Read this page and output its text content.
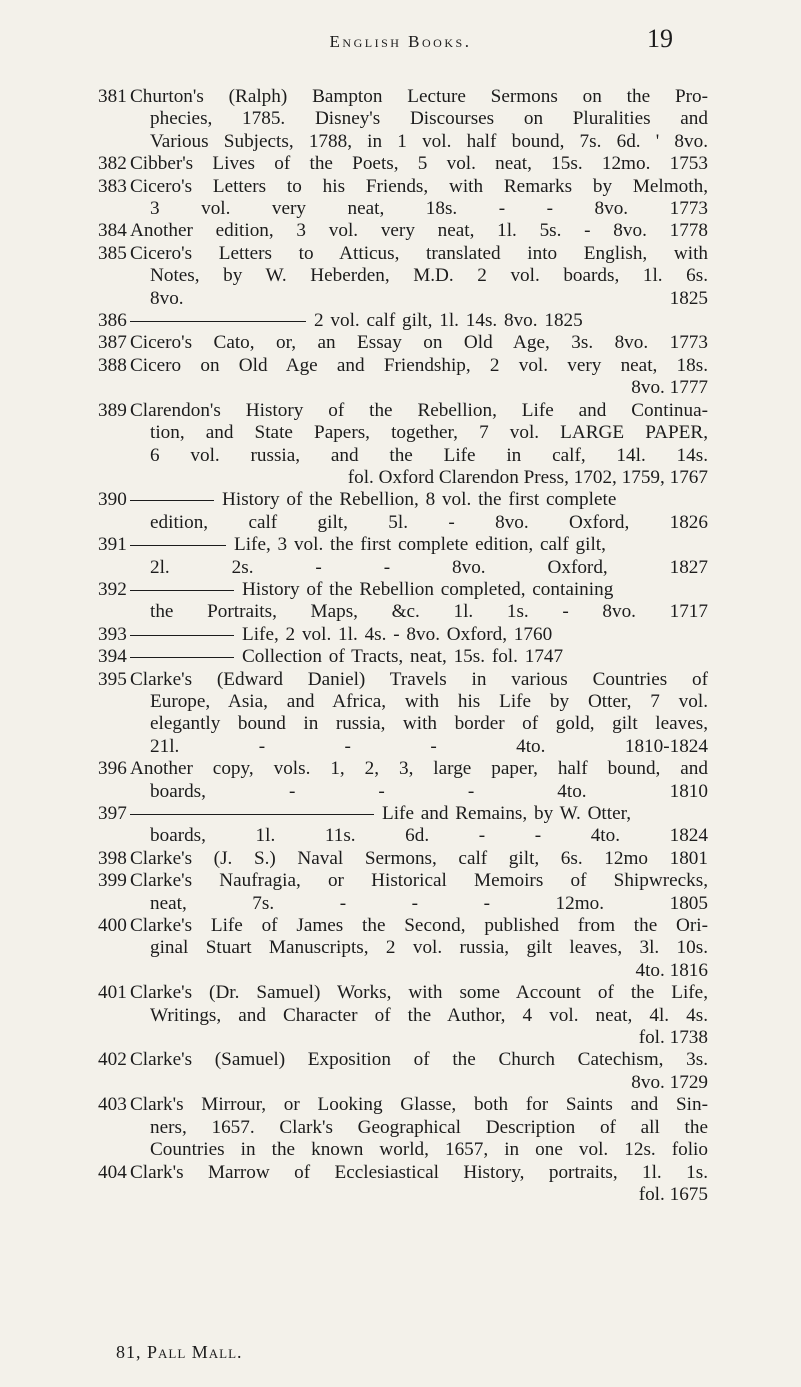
English Books.	19
381 Churton's (Ralph) Bampton Lecture Sermons on the Pro-
phecies, 1785. Disney's Discourses on Pluralities and
Various Subjects, 1788, in 1 vol. half bound, 7s. 6d. ' 8vo.
382 Cibber's Lives of the Poets, 5 vol. neat, 15s. 12mo. 1753
383 Cicero's Letters to his Friends, with Remarks by Melmoth,
3 vol. very neat, 18s. - - 8vo. 1773
384 Another edition, 3 vol. very neat, 1l. 5s. - 8vo. 1778
385 Cicero's Letters to Atticus, translated into English, with
Notes, by W. Heberden, M.D. 2 vol. boards, 1l. 6s.
8vo. 1825
386	2 vol. calf gilt, 1l. 14s. 8vo. 1825
387 Cicero's Cato, or, an Essay on Old Age, 3s. 8vo. 1773
388 Cicero on Old Age and Friendship, 2 vol. very neat, 18s.
8vo. 1777
389 Clarendon's History of the Rebellion, Life and Continua-
tion, and State Papers, together, 7 vol. LARGE PAPER,
6 vol. russia, and the Life in calf, 14l. 14s.
fol. Oxford Clarendon Press, 1702, 1759, 1767
390	History of the Rebellion, 8 vol. the first complete
edition, calf gilt, 5l. - 8vo. Oxford, 1826
391	Life, 3 vol. the first complete edition, calf gilt,
2l. 2s. - - 8vo. Oxford, 1827
392	History of the Rebellion completed, containing
the Portraits, Maps, &c. 1l. 1s. - 8vo. 1717
393	Life, 2 vol. 1l. 4s. - 8vo. Oxford, 1760
394	Collection of Tracts, neat, 15s. fol. 1747
395 Clarke's (Edward Daniel) Travels in various Countries of
Europe, Asia, and Africa, with his Life by Otter, 7 vol.
elegantly bound in russia, with border of gold, gilt leaves,
21l. - - - 4to. 1810-1824
396 Another copy, vols. 1, 2, 3, large paper, half bound, and
boards, - - - 4to. 1810
397	Life and Remains, by W. Otter,
boards, 1l. 11s. 6d. - - 4to. 1824
398 Clarke's (J. S.) Naval Sermons, calf gilt, 6s. 12mo 1801
399 Clarke's Naufragia, or Historical Memoirs of Shipwrecks,
neat, 7s. - - - 12mo. 1805
400 Clarke's Life of James the Second, published from the Ori-
ginal Stuart Manuscripts, 2 vol. russia, gilt leaves, 3l. 10s.
4to. 1816
401 Clarke's (Dr. Samuel) Works, with some Account of the Life,
Writings, and Character of the Author, 4 vol. neat, 4l. 4s.
fol. 1738
402 Clarke's (Samuel) Exposition of the Church Catechism, 3s.
8vo. 1729
403 Clark's Mirrour, or Looking Glasse, both for Saints and Sin-
ners, 1657. Clark's Geographical Description of all the
Countries in the known world, 1657, in one vol. 12s. folio
404 Clark's Marrow of Ecclesiastical History, portraits, 1l. 1s.
fol. 1675
81, Pall Mall.
